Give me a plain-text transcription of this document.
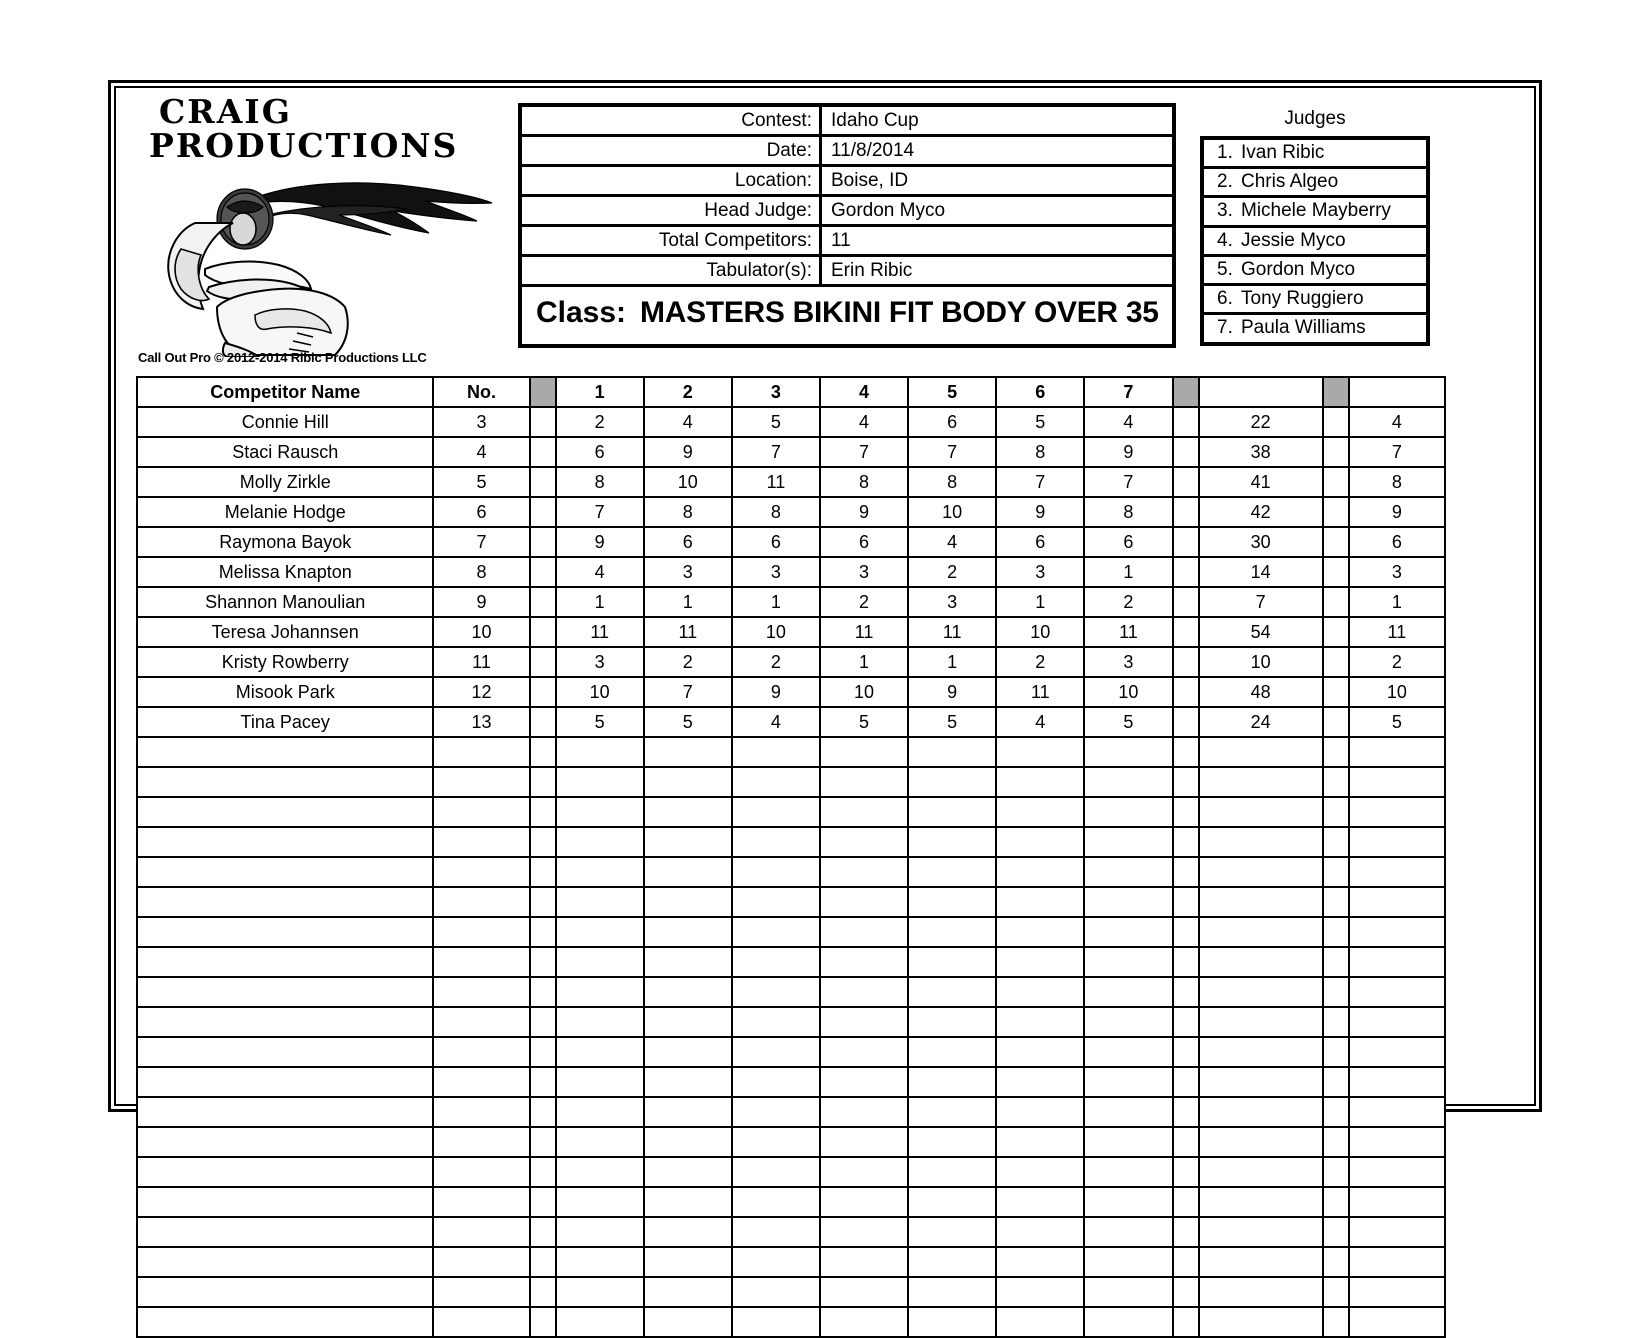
CRAIG
PRODUCTIONS
Call Out Pro © 2012-2014 Ribic Productions LLC
Contest:	Idaho Cup
Date:	11/8/2014
Location:	Boise, ID
Head Judge:	Gordon Myco
Total Competitors:	11
Tabulator(s):	Erin Ribic
Class: MASTERS BIKINI FIT BODY OVER 35
Judges
1. Ivan Ribic
2. Chris Algeo
3. Michele Mayberry
4. Jessie Myco
5. Gordon Myco
6. Tony Ruggiero
7. Paula Williams
Competitor Name	No.		1	2	3	4	5	6	7		Total Score		Place
Connie Hill	3		2	4	5	4	6	5	4		22		4
Staci Rausch	4		6	9	7	7	7	8	9		38		7
Molly Zirkle	5		8	10	11	8	8	7	7		41		8
Melanie Hodge	6		7	8	8	9	10	9	8		42		9
Raymona Bayok	7		9	6	6	6	4	6	6		30		6
Melissa Knapton	8		4	3	3	3	2	3	1		14		3
Shannon Manoulian	9		1	1	1	2	3	1	2		7		1
Teresa Johannsen	10		11	11	10	11	11	10	11		54		11
Kristy Rowberry	11		3	2	2	1	1	2	3		10		2
Misook Park	12		10	7	9	10	9	11	10		48		10
Tina Pacey	13		5	5	4	5	5	4	5		24		5
